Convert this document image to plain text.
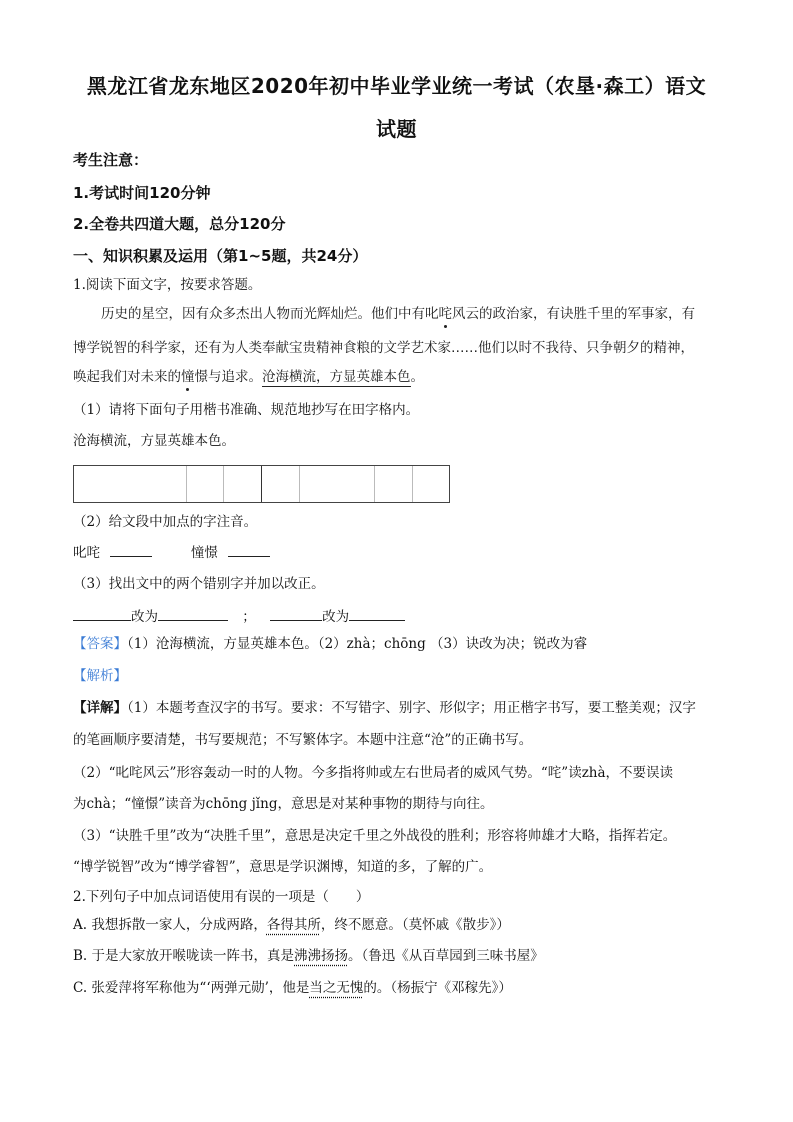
黑龙江省龙东地区2020年初中毕业学业统一考试（农垦·森工）语文
试题
考生注意：
1.考试时间120分钟
2.全卷共四道大题，总分120分
一、知识积累及运用（第1~5题，共24分）
1.阅读下面文字，按要求答题。
历史的星空，因有众多杰出人物而光辉灿烂。他们中有叱咤风云的政治家，有诀胜千里的军事家，有
博学锐智的科学家，还有为人类奉献宝贵精神食粮的文学艺术家……他们以时不我待、只争朝夕的精神，
唤起我们对未来的憧憬与追求。沧海横流，方显英雄本色。
（1）请将下面句子用楷书准确、规范地抄写在田字格内。
沧海横流，方显英雄本色。
（2）给文段中加点的字注音。
叱咤	憧憬
（3）找出文中的两个错别字并加以改正。
改为	；	改为
【答案】（1）沧海横流，方显英雄本色。（2）zhà；chōng （3）诀改为决；锐改为睿
【解析】
【详解】（1）本题考查汉字的书写。要求：不写错字、别字、形似字；用正楷字书写，要工整美观；汉字
的笔画顺序要清楚，书写要规范；不写繁体字。本题中注意“沧”的正确书写。
（2）“叱咤风云”形容轰动一时的人物。今多指将帅或左右世局者的威风气势。“咤”读zhà，不要误读
为chà；“憧憬”读音为chōng jǐng，意思是对某种事物的期待与向往。
（3）“诀胜千里”改为“决胜千里”，意思是决定千里之外战役的胜利；形容将帅雄才大略，指挥若定。
“博学锐智”改为“博学睿智”，意思是学识渊博，知道的多，了解的广。
2.下列句子中加点词语使用有误的一项是（　　）
A. 我想拆散一家人，分成两路，各得其所，终不愿意。（莫怀戚《散步》）
B. 于是大家放开喉咙读一阵书，真是沸沸扬扬。（鲁迅《从百草园到三味书屋》
C. 张爱萍将军称他为“‘两弹元勋’，他是当之无愧的。（杨振宁《邓稼先》）
